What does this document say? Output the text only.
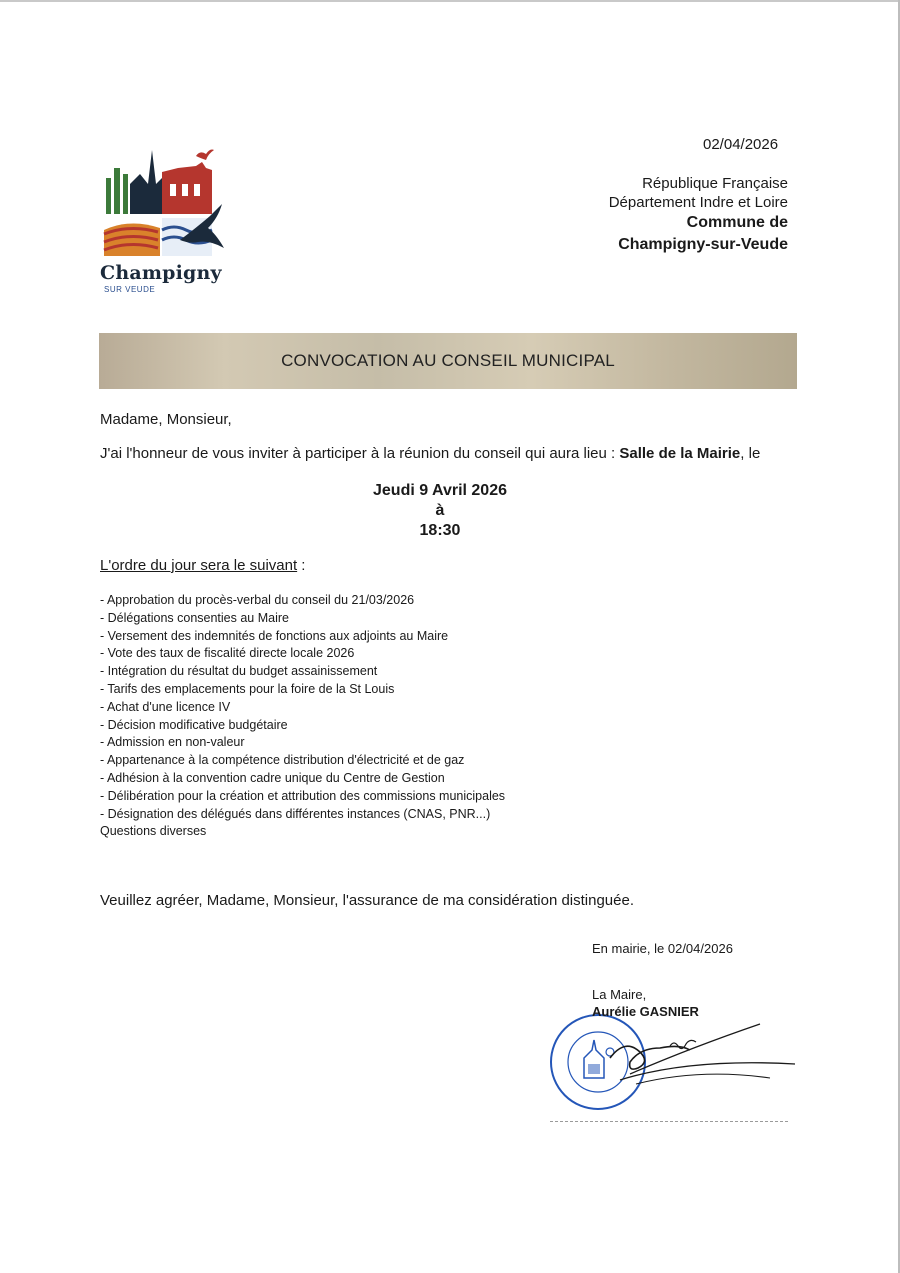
02/04/2026
Champigny
SUR VEUDE
République Française
Département Indre et Loire
Commune de
Champigny-sur-Veude
CONVOCATION AU CONSEIL MUNICIPAL
Madame, Monsieur,
J'ai l'honneur de vous inviter à participer à la réunion du conseil qui aura lieu : Salle de la Mairie, le
Jeudi 9 Avril 2026
à
18:30
L'ordre du jour sera le suivant :
- Approbation du procès-verbal du conseil du 21/03/2026
- Délégations consenties au Maire
- Versement des indemnités de fonctions aux adjoints au Maire
- Vote des taux de fiscalité directe locale 2026
- Intégration du résultat du budget assainissement
- Tarifs des emplacements pour la foire de la St Louis
- Achat d'une licence IV
- Décision modificative budgétaire
- Admission en non-valeur
- Appartenance à la compétence distribution d'électricité et de gaz
- Adhésion à la convention cadre unique du Centre de Gestion
- Délibération pour la création et attribution des commissions municipales
- Désignation des délégués dans différentes instances (CNAS, PNR...)
Questions diverses
Veuillez agréer, Madame, Monsieur, l'assurance de ma considération distinguée.
En mairie, le 02/04/2026
La Maire,
Aurélie GASNIER
